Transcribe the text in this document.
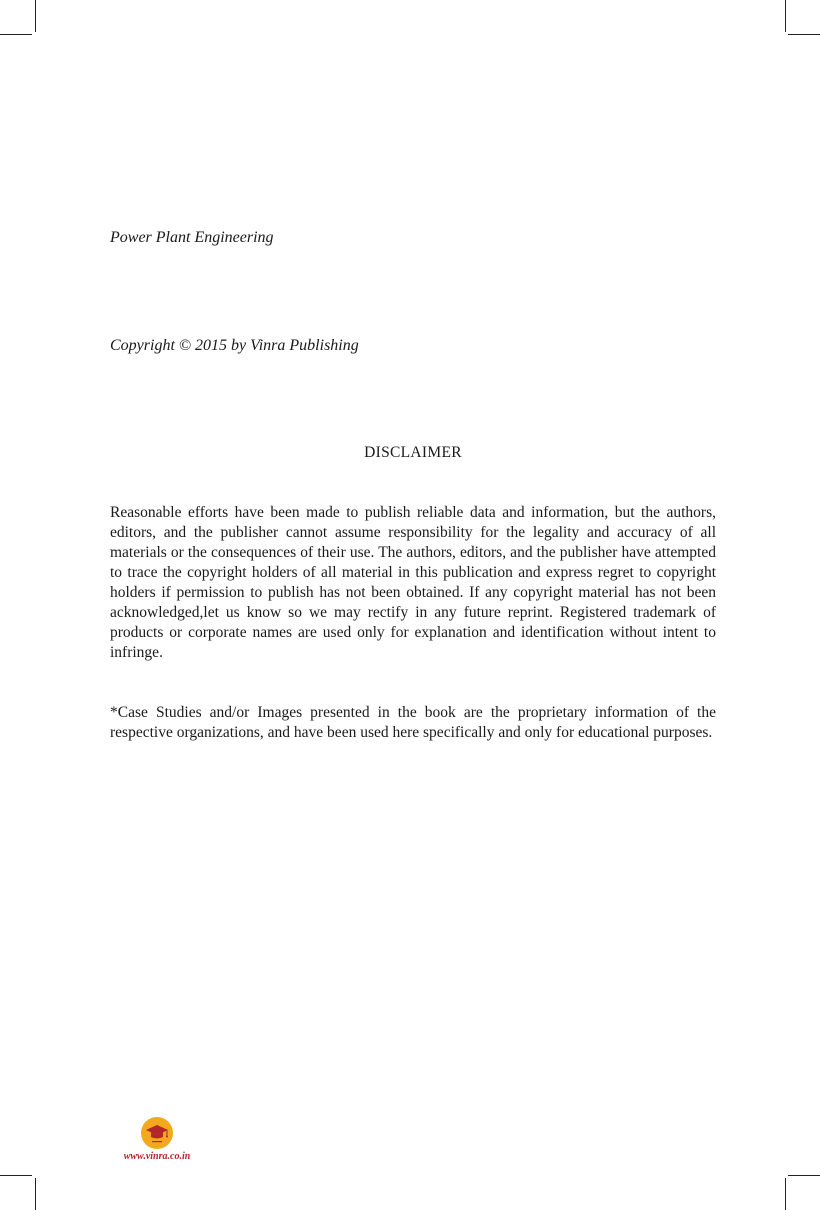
Power Plant Engineering
Copyright © 2015 by Vinra Publishing
DISCLAIMER

Reasonable efforts have been made to publish reliable data and information, but the authors, editors, and the publisher cannot assume responsibility for the legality and accuracy of all materials or the consequences of their use. The authors, editors, and the publisher have attempted to trace the copyright holders of all material in this publication and express regret to copyright holders if permission to publish has not been obtained. If any copyright material has not been acknowledged,let us know so we may rectify in any future reprint. Registered trademark of products or corporate names are used only for explanation and identification without intent to infringe.

*Case Studies and/or Images presented in the book are the proprietary information of the respective organizations, and have been used here specifically and only for educational purposes.

www.vinra.co.in
